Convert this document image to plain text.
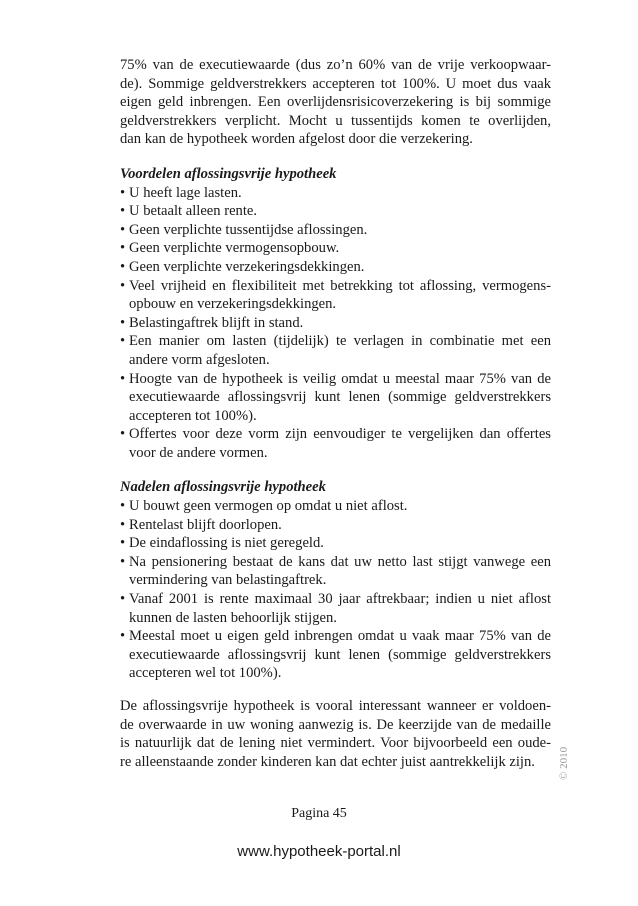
75% van de executiewaarde (dus zo’n 60% van de vrije verkoopwaar-
de). Sommige geldverstrekkers accepteren tot 100%. U moet dus vaak
eigen geld inbrengen. Een overlijdensrisicoverzekering is bij sommige
geldverstrekkers verplicht. Mocht u tussentijds komen te overlijden,
dan kan de hypotheek worden afgelost door die verzekering.
Voordelen aflossingsvrije hypotheek
• U heeft lage lasten.
• U betaalt alleen rente.
• Geen verplichte tussentijdse aflossingen.
• Geen verplichte vermogensopbouw.
• Geen verplichte verzekeringsdekkingen.
• Veel vrijheid en flexibiliteit met betrekking tot aflossing, vermogens-
opbouw en verzekeringsdekkingen.
• Belastingaftrek blijft in stand.
• Een manier om lasten (tijdelijk) te verlagen in combinatie met een
andere vorm afgesloten.
• Hoogte van de hypotheek is veilig omdat u meestal maar 75% van de
executiewaarde aflossingsvrij kunt lenen (sommige geldverstrekkers
accepteren tot 100%).
• Offertes voor deze vorm zijn eenvoudiger te vergelijken dan offertes
voor de andere vormen.
Nadelen aflossingsvrije hypotheek
• U bouwt geen vermogen op omdat u niet aflost.
• Rentelast blijft doorlopen.
• De eindaflossing is niet geregeld.
• Na pensionering bestaat de kans dat uw netto last stijgt vanwege een
vermindering van belastingaftrek.
• Vanaf 2001 is rente maximaal 30 jaar aftrekbaar; indien u niet aflost
kunnen de lasten behoorlijk stijgen.
• Meestal moet u eigen geld inbrengen omdat u vaak maar 75% van de
executiewaarde aflossingsvrij kunt lenen (sommige geldverstrekkers
accepteren wel tot 100%).
De aflossingsvrije hypotheek is vooral interessant wanneer er voldoen-
de overwaarde in uw woning aanwezig is. De keerzijde van de medaille
is natuurlijk dat de lening niet vermindert. Voor bijvoorbeeld een oude-
re alleenstaande zonder kinderen kan dat echter juist aantrekkelijk zijn.	© 2010
Pagina 45
www.hypotheek-portal.nl
